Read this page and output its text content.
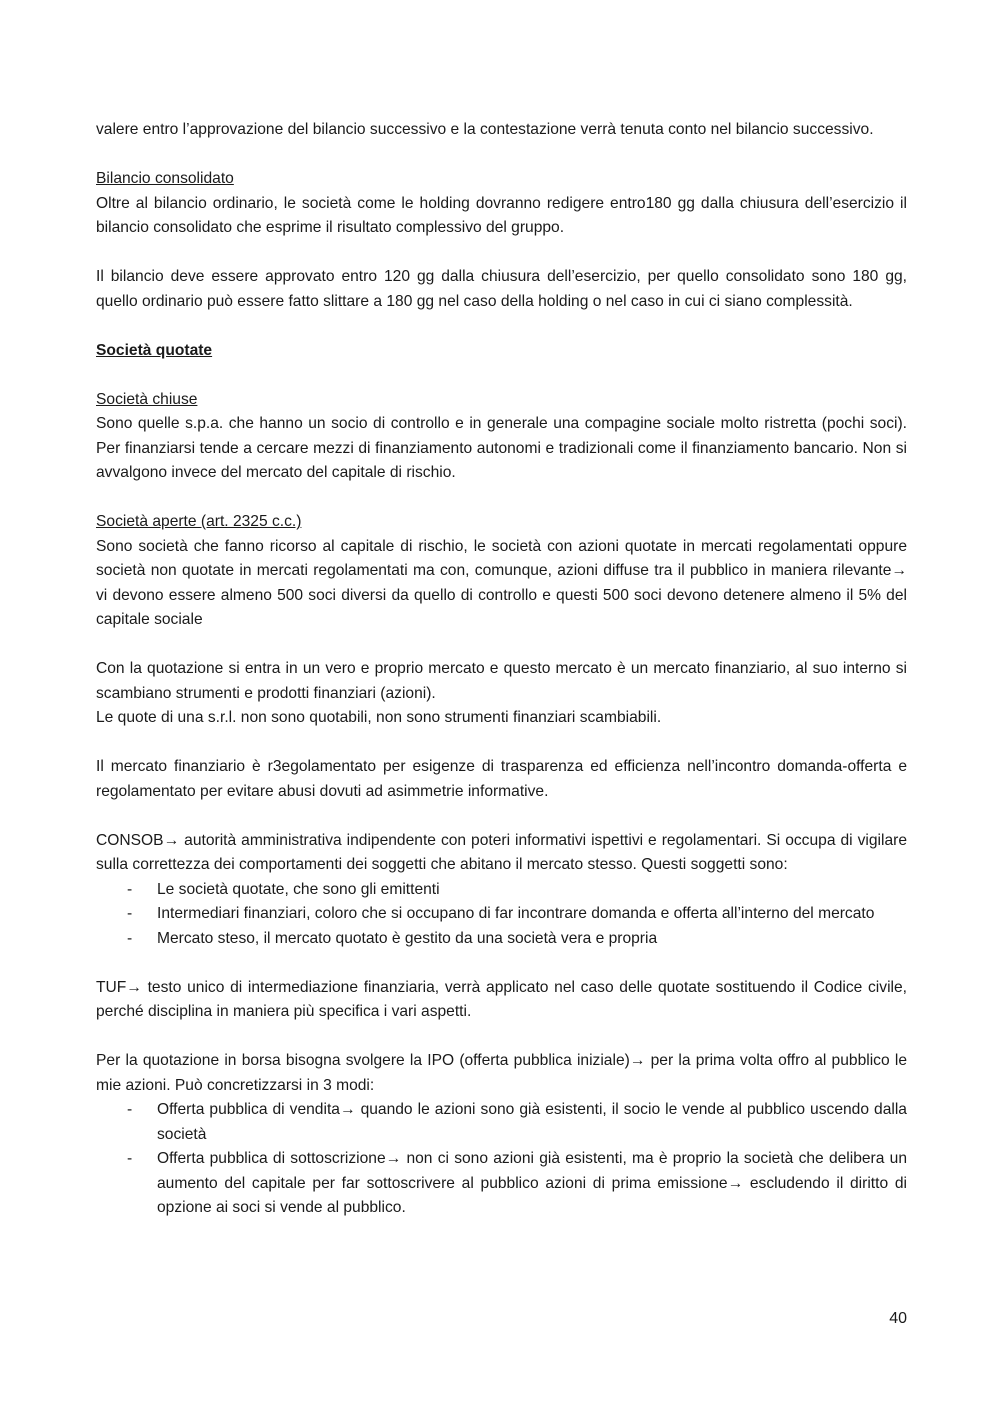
valere entro l’approvazione del bilancio successivo e la contestazione verrà tenuta conto nel bilancio successivo.

Bilancio consolidato

Oltre al bilancio ordinario, le società come le holding dovranno redigere entro180 gg dalla chiusura dell’esercizio il bilancio consolidato che esprime il risultato complessivo del gruppo.

Il bilancio deve essere approvato entro 120 gg dalla chiusura dell’esercizio, per quello consolidato sono 180 gg, quello ordinario può essere fatto slittare a 180 gg nel caso della holding o nel caso in cui ci siano complessità.

Società quotate

Società chiuse

Sono quelle s.p.a. che hanno un socio di controllo e in generale una compagine sociale molto ristretta (pochi soci). Per finanziarsi tende a cercare mezzi di finanziamento autonomi e tradizionali come il finanziamento bancario. Non si avvalgono invece del mercato del capitale di rischio.

Società aperte (art. 2325 c.c.)

Sono società che fanno ricorso al capitale di rischio, le società con azioni quotate in mercati regolamentati oppure società non quotate in mercati regolamentati ma con, comunque, azioni diffuse tra il pubblico in maniera rilevante→ vi devono essere almeno 500 soci diversi da quello di controllo e questi 500 soci devono detenere almeno il 5% del capitale sociale

Con la quotazione si entra in un vero e proprio mercato e questo mercato è un mercato finanziario, al suo interno si scambiano strumenti e prodotti finanziari (azioni).

Le quote di una s.r.l. non sono quotabili, non sono strumenti finanziari scambiabili.

Il mercato finanziario è r3egolamentato per esigenze di trasparenza ed efficienza nell’incontro domanda-offerta e regolamentato per evitare abusi dovuti ad asimmetrie informative.

CONSOB→ autorità amministrativa indipendente con poteri informativi ispettivi e regolamentari. Si occupa di vigilare sulla correttezza dei comportamenti dei soggetti che abitano il mercato stesso. Questi soggetti sono:

- Le società quotate, che sono gli emittenti
- Intermediari finanziari, coloro che si occupano di far incontrare domanda e offerta all’interno del mercato
- Mercato steso, il mercato quotato è gestito da una società vera e propria

TUF→ testo unico di intermediazione finanziaria, verrà applicato nel caso delle quotate sostituendo il Codice civile, perché disciplina in maniera più specifica i vari aspetti.

Per la quotazione in borsa bisogna svolgere la IPO (offerta pubblica iniziale)→ per la prima volta offro al pubblico le mie azioni. Può concretizzarsi in 3 modi:

- Offerta pubblica di vendita→ quando le azioni sono già esistenti, il socio le vende al pubblico uscendo dalla società
- Offerta pubblica di sottoscrizione→ non ci sono azioni già esistenti, ma è proprio la società che delibera un aumento del capitale per far sottoscrivere al pubblico azioni di prima emissione→ escludendo il diritto di opzione ai soci si vende al pubblico.
40
